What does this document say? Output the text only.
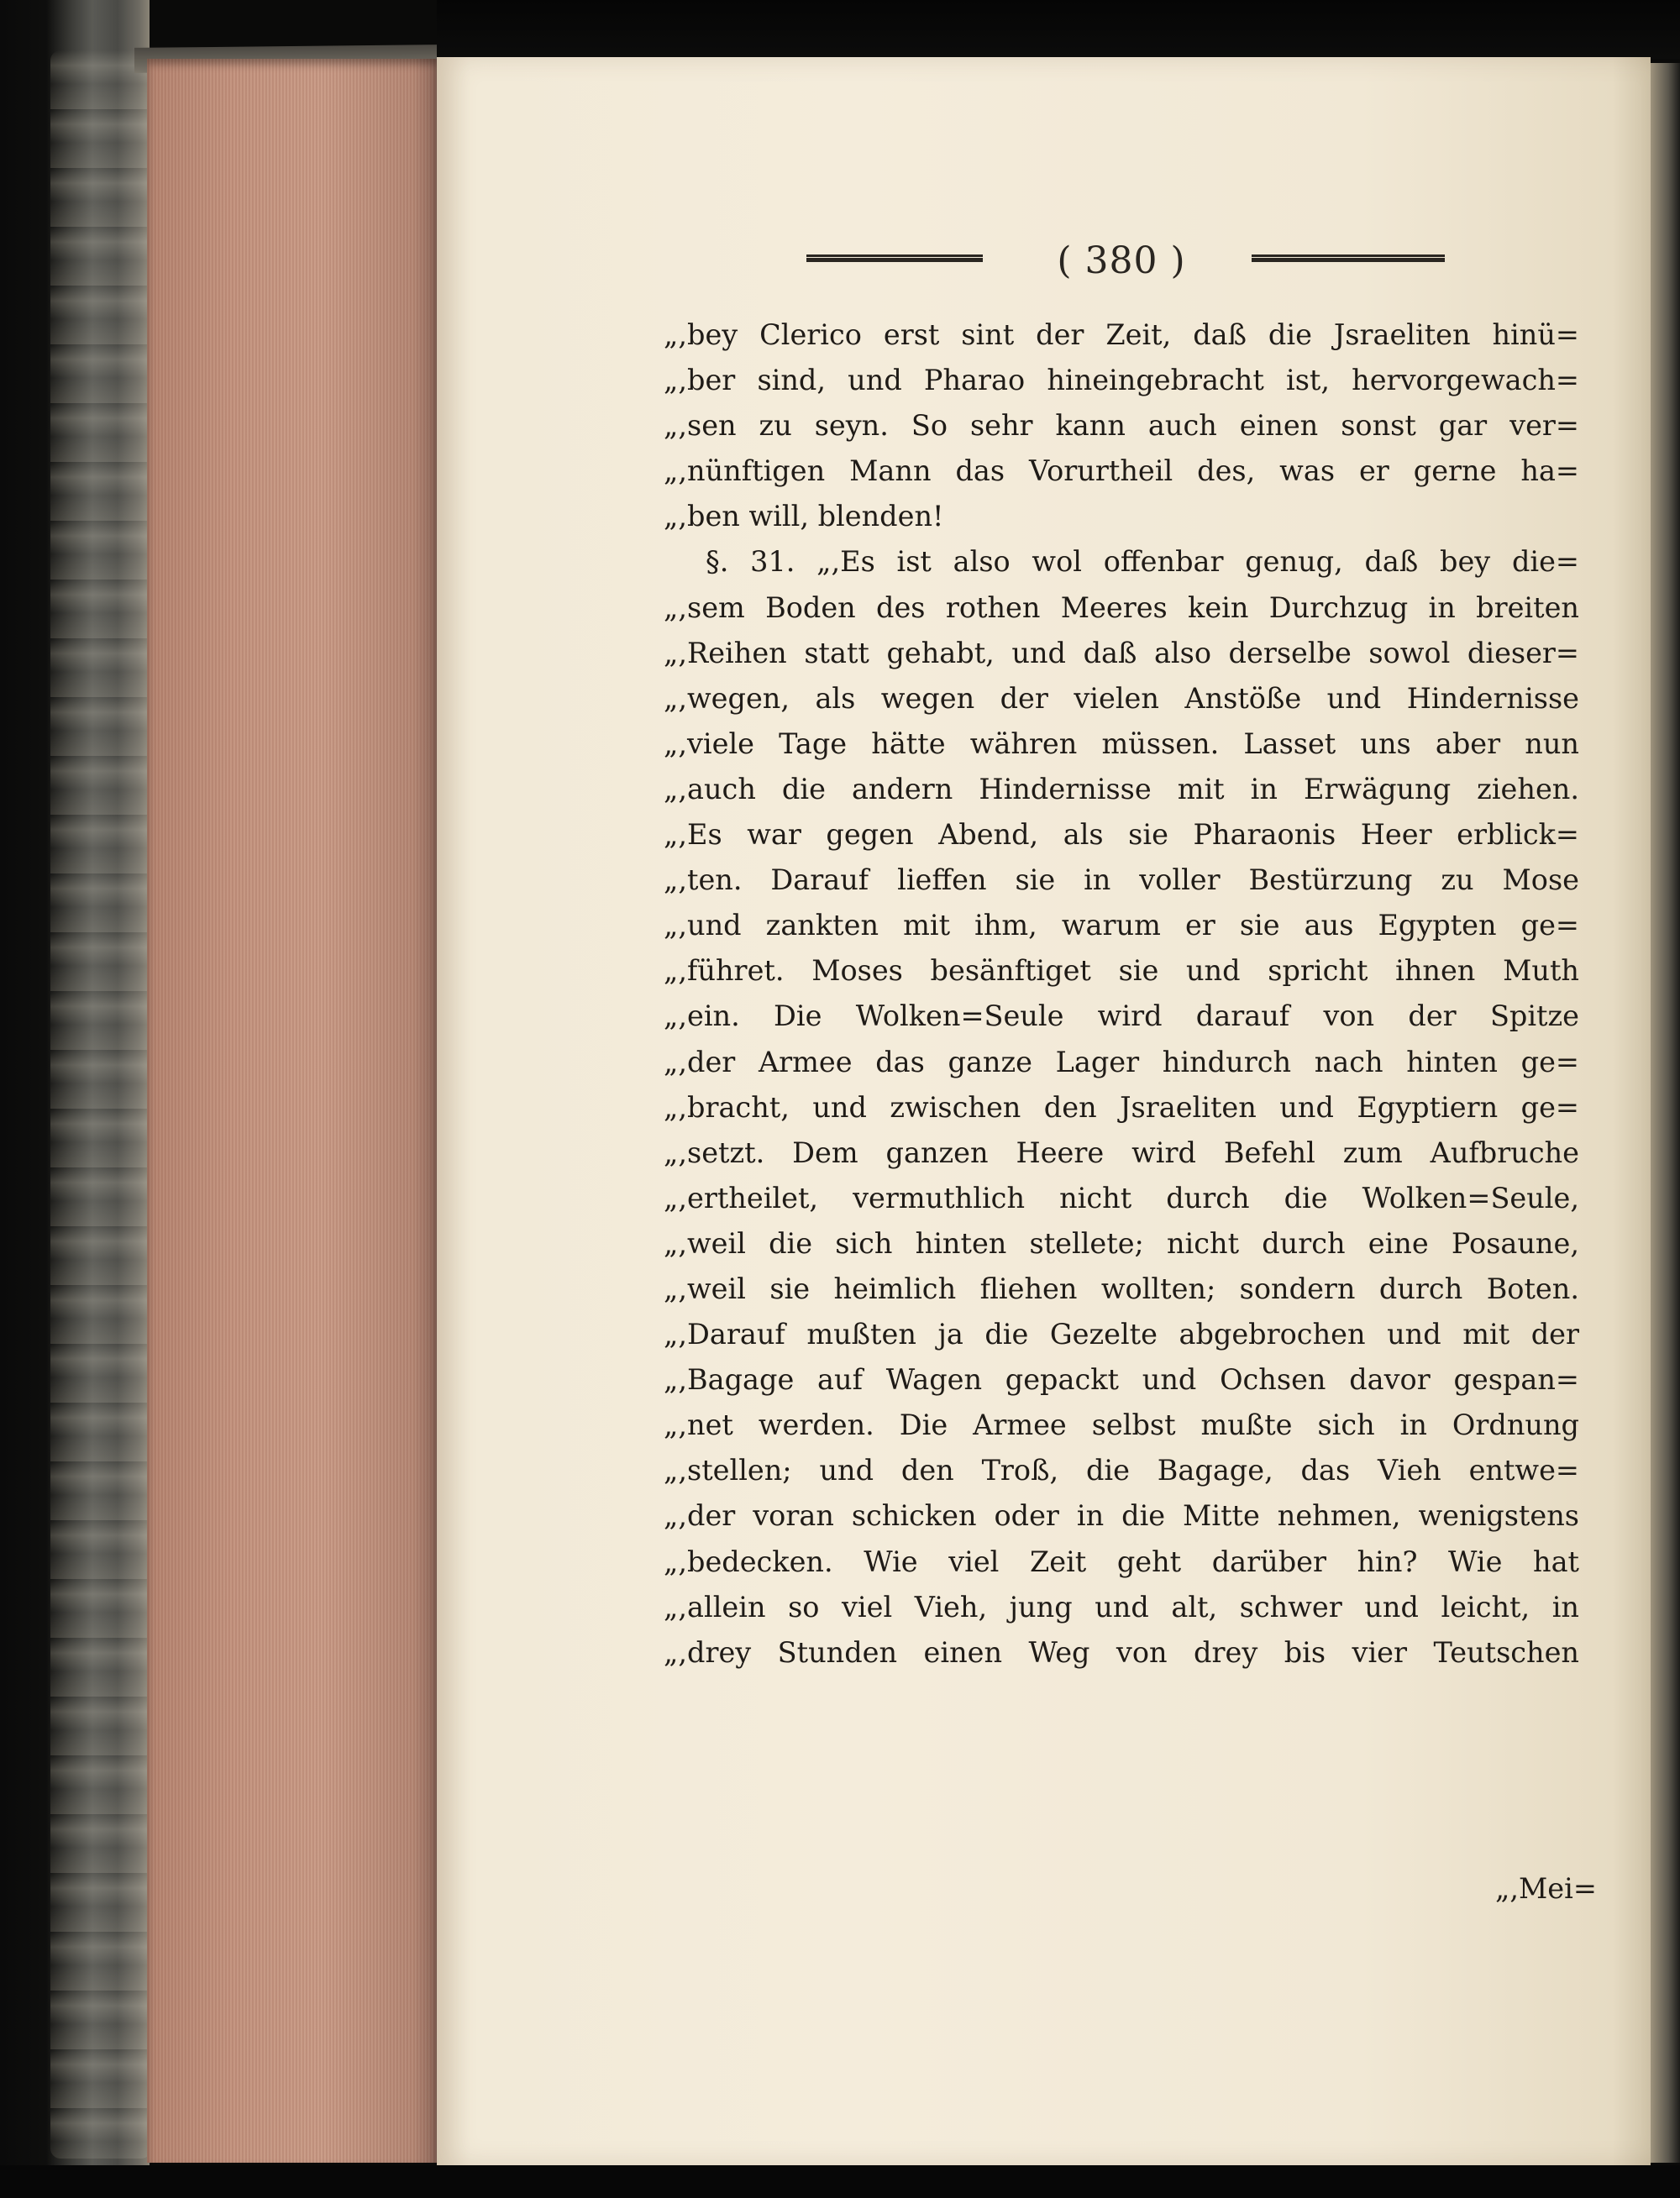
( 380 )
„,bey Clerico erst sint der Zeit, daß die Jsraeliten hinü=
„,ber sind, und Pharao hineingebracht ist, hervorgewach=
„,sen zu seyn. So sehr kann auch einen sonst gar ver=
„,nünftigen Mann das Vorurtheil des, was er gerne ha=
„,ben will, blenden!
§. 31. „,Es ist also wol offenbar genug, daß bey die=
„,sem Boden des rothen Meeres kein Durchzug in breiten
„,Reihen statt gehabt, und daß also derselbe sowol dieser=
„,wegen, als wegen der vielen Anstöße und Hindernisse
„,viele Tage hätte währen müssen. Lasset uns aber nun
„,auch die andern Hindernisse mit in Erwägung ziehen.
„,Es war gegen Abend, als sie Pharaonis Heer erblick=
„,ten. Darauf lieffen sie in voller Bestürzung zu Mose
„,und zankten mit ihm, warum er sie aus Egypten ge=
„,führet. Moses besänftiget sie und spricht ihnen Muth
„,ein. Die Wolken=Seule wird darauf von der Spitze
„,der Armee das ganze Lager hindurch nach hinten ge=
„,bracht, und zwischen den Jsraeliten und Egyptiern ge=
„,setzt. Dem ganzen Heere wird Befehl zum Aufbruche
„,ertheilet, vermuthlich nicht durch die Wolken=Seule,
„,weil die sich hinten stellete; nicht durch eine Posaune,
„,weil sie heimlich fliehen wollten; sondern durch Boten.
„,Darauf mußten ja die Gezelte abgebrochen und mit der
„,Bagage auf Wagen gepackt und Ochsen davor gespan=
„,net werden. Die Armee selbst mußte sich in Ordnung
„,stellen; und den Troß, die Bagage, das Vieh entwe=
„,der voran schicken oder in die Mitte nehmen, wenigstens
„,bedecken. Wie viel Zeit geht darüber hin? Wie hat
„,allein so viel Vieh, jung und alt, schwer und leicht, in
„,drey Stunden einen Weg von drey bis vier Teutschen
„,Mei=
